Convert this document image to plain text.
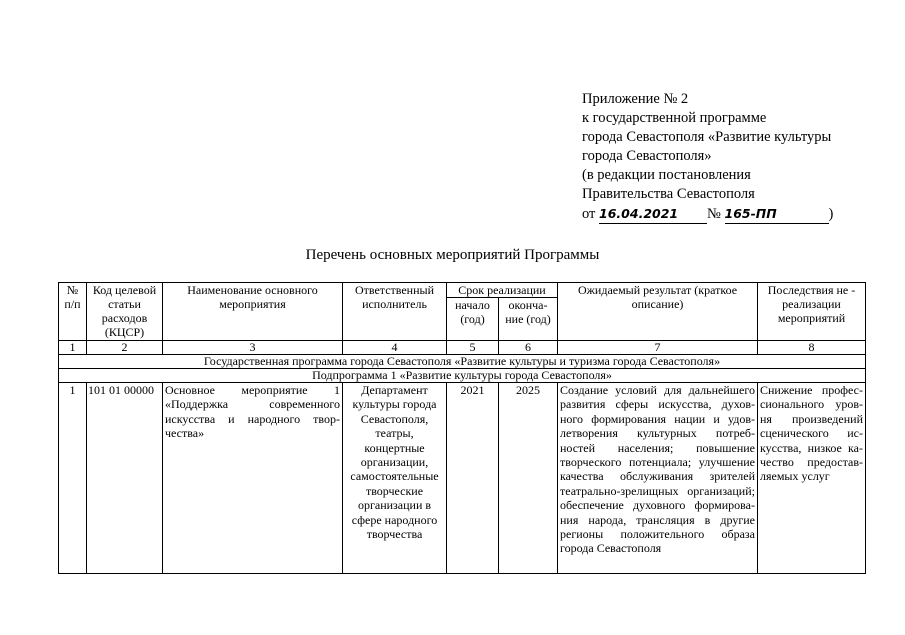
Приложение № 2
к государственной программе
города Севастополя «Развитие культуры
города Севастополя»
(в редакции постановления
Правительства Севастополя
от 16.04.2021 № 165-ПП	)
Перечень основных мероприятий Программы
№ п/п	Код целевой статьи расходов (КЦСР)	Наименование основного мероприятия	Ответственный исполнитель	Срок реализации		Ожидаемый результат (краткое описание)	Последствия не - реализации мероприятий
				начало (год)	оконча-ние (год)		
1	2	3	4	5	6	7	8
Государственная программа города Севастополя «Развитие культуры и туризма города Севастополя»							
Подпрограмма 1 «Развитие культуры города Севастополя»							
1	101 01 00000	Основное мероприятие 1 «Поддержка современного искусства и народного твор-чества»	Департамент культуры города Севастополя, театры, концертные организации, самостоятельные творческие организации в сфере народного творчества	2021	2025	Создание условий для дальнейшего развития сферы искусства, духов-ного формирования нации и удов-летворения культурных потреб-ностей населения; повышение творческого потенциала; улучшение качества обслуживания зрителей театрально-зрелищных организаций; обеспечение духовного формирова-ния народа, трансляция в другие регионы положительного образа города Севастополя	Снижение профес-сионального уров-ня произведений сценического ис-кусства, низкое ка-чество предостав-ляемых услуг
